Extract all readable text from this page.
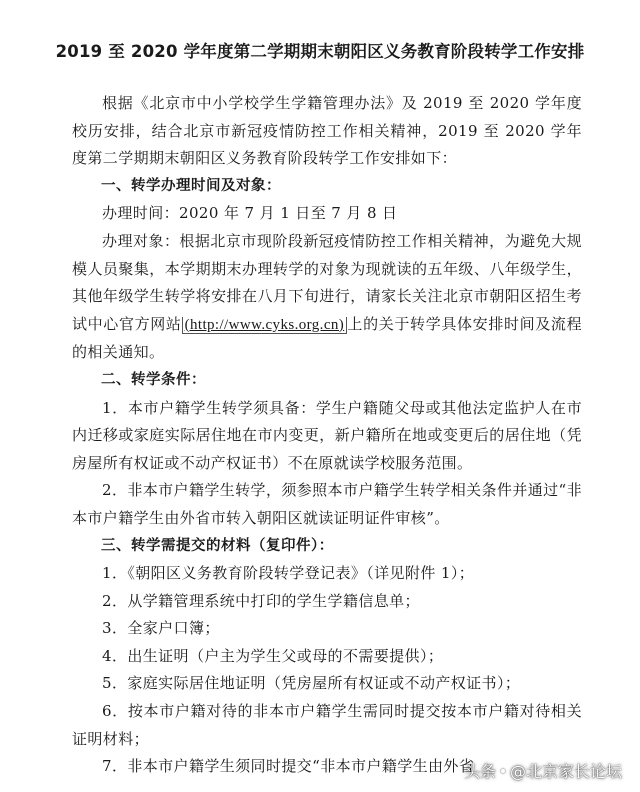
2019 至 2020 学年度第二学期期末朝阳区义务教育阶段转学工作安排

根据《北京市中小学校学生学籍管理办法》及 2019 至 2020 学年度校历安排，结合北京市新冠疫情防控工作相关精神，2019 至 2020 学年度第二学期期末朝阳区义务教育阶段转学工作安排如下：

一、转学办理时间及对象：

办理时间：2020 年 7 月 1 日至 7 月 8 日

办理对象：根据北京市现阶段新冠疫情防控工作相关精神，为避免大规模人员聚集，本学期期末办理转学的对象为现就读的五年级、八年级学生，其他年级学生转学将安排在八月下旬进行，请家长关注北京市朝阳区招生考试中心官方网站 (http://www.cyks.org.cn) 上的关于转学具体安排时间及流程的相关通知。

二、转学条件：

1．本市户籍学生转学须具备：学生户籍随父母或其他法定监护人在市内迁移或家庭实际居住地在市内变更，新户籍所在地或变更后的居住地（凭房屋所有权证或不动产权证书）不在原就读学校服务范围。

2．非本市户籍学生转学，须参照本市户籍学生转学相关条件并通过“非本市户籍学生由外省市转入朝阳区就读证明证件审核”。

三、转学需提交的材料（复印件）：

1．《朝阳区义务教育阶段转学登记表》（详见附件 1）；

2．从学籍管理系统中打印的学生学籍信息单；

3．全家户口簿；

4．出生证明（户主为学生父或母的不需要提供）；

5．家庭实际居住地证明（凭房屋所有权证或不动产权证书）；

6．按本市户籍对待的非本市户籍学生需同时提交按本市户籍对待相关证明材料；

7．非本市户籍学生须同时提交“非本市户籍学生由外省

头条 @北京家长论坛
